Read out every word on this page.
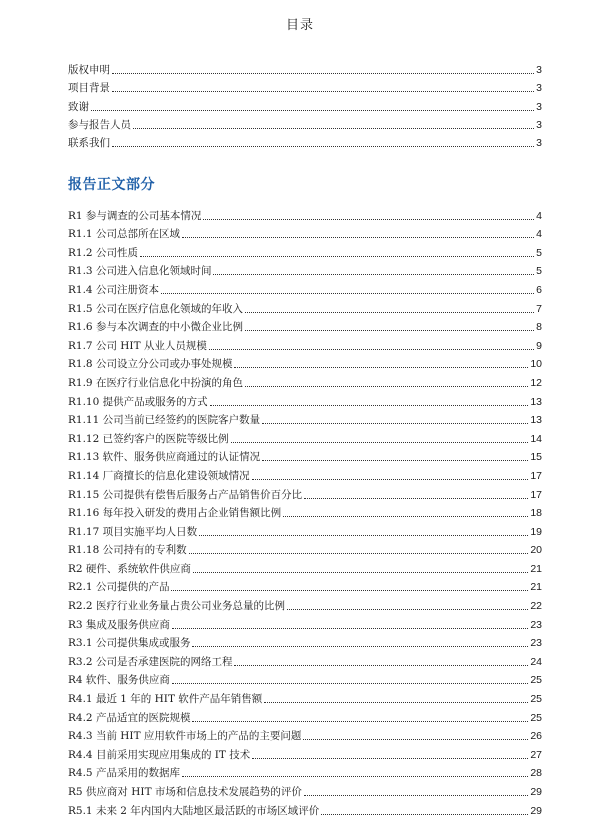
目录
版权申明	3
项目背景	3
致谢	3
参与报告人员	3
联系我们	3
报告正文部分
R1 参与调查的公司基本情况	4
R1.1 公司总部所在区域	4
R1.2 公司性质	5
R1.3 公司进入信息化领域时间	5
R1.4 公司注册资本	6
R1.5 公司在医疗信息化领域的年收入	7
R1.6 参与本次调查的中小微企业比例	8
R1.7 公司 HIT 从业人员规模	9
R1.8 公司设立分公司或办事处规模	10
R1.9 在医疗行业信息化中扮演的角色	12
R1.10 提供产品或服务的方式	13
R1.11 公司当前已经签约的医院客户数量	13
R1.12 已签约客户的医院等级比例	14
R1.13 软件、服务供应商通过的认证情况	15
R1.14 厂商擅长的信息化建设领域情况	17
R1.15 公司提供有偿售后服务占产品销售价百分比	17
R1.16 每年投入研发的费用占企业销售额比例	18
R1.17 项目实施平均人日数	19
R1.18 公司持有的专利数	20
R2 硬件、系统软件供应商	21
R2.1 公司提供的产品	21
R2.2 医疗行业业务量占贵公司业务总量的比例	22
R3 集成及服务供应商	23
R3.1 公司提供集成或服务	23
R3.2 公司是否承建医院的网络工程	24
R4 软件、服务供应商	25
R4.1 最近 1 年的 HIT 软件产品年销售额	25
R4.2 产品适宜的医院规模	25
R4.3 当前 HIT 应用软件市场上的产品的主要问题	26
R4.4 目前采用实现应用集成的 IT 技术	27
R4.5 产品采用的数据库	28
R5 供应商对 HIT 市场和信息技术发展趋势的评价	29
R5.1 未来 2 年内国内大陆地区最活跃的市场区域评价	29
